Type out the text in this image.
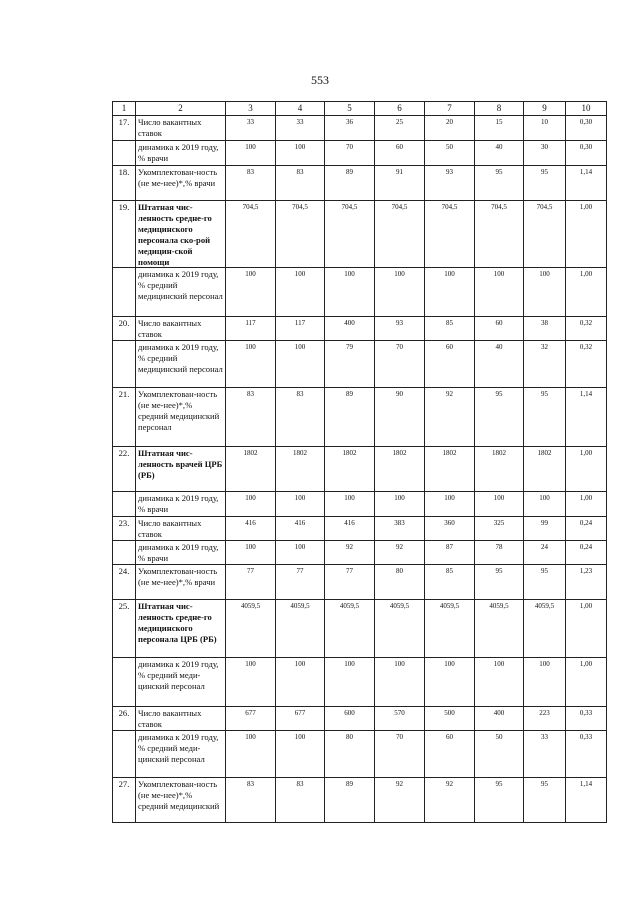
553
1	2	3	4	5	6	7	8	9	10
17.	Число вакантных ставок	33	33	36	25	20	15	10	0,30
	динамика к 2019 году, % врачи	100	100	70	60	50	40	30	0,30
18.	Укомплектован-ность (не ме-нее)*,% врачи	83	83	89	91	93	95	95	1,14
19.	Штатная чис-ленность средне-го медицинского персонала ско-рой медицин-ской помощи	704,5	704,5	704,5	704,5	704,5	704,5	704,5	1,00
	динамика к 2019 году, % средний медицинский персонал	100	100	100	100	100	100	100	1,00
20.	Число вакантных ставок	117	117	400	93	85	60	38	0,32
	динамика к 2019 году, % средний медицинский персонал	100	100	79	70	60	40	32	0,32
21.	Укомплектован-ность (не ме-нее)*,% средний медицинский персонал	83	83	89	90	92	95	95	1,14
22.	Штатная чис-ленность врачей ЦРБ (РБ)	1802	1802	1802	1802	1802	1802	1802	1,00
	динамика к 2019 году, % врачи	100	100	100	100	100	100	100	1,00
23.	Число вакантных ставок	416	416	416	383	360	325	99	0,24
	динамика к 2019 году, % врачи	100	100	92	92	87	78	24	0,24
24.	Укомплектован-ность (не ме-нее)*,% врачи	77	77	77	80	85	95	95	1,23
25.	Штатная чис-ленность средне-го медицинского персонала ЦРБ (РБ)	4059,5	4059,5	4059,5	4059,5	4059,5	4059,5	4059,5	1,00
	динамика к 2019 году, % средний меди-цинский персонал	100	100	100	100	100	100	100	1,00
26.	Число вакантных ставок	677	677	600	570	500	400	223	0,33
	динамика к 2019 году, % средний меди-цинский персонал	100	100	80	70	60	50	33	0,33
27.	Укомплектован-ность (не ме-нее)*,% средний медицинский	83	83	89	92	92	95	95	1,14
